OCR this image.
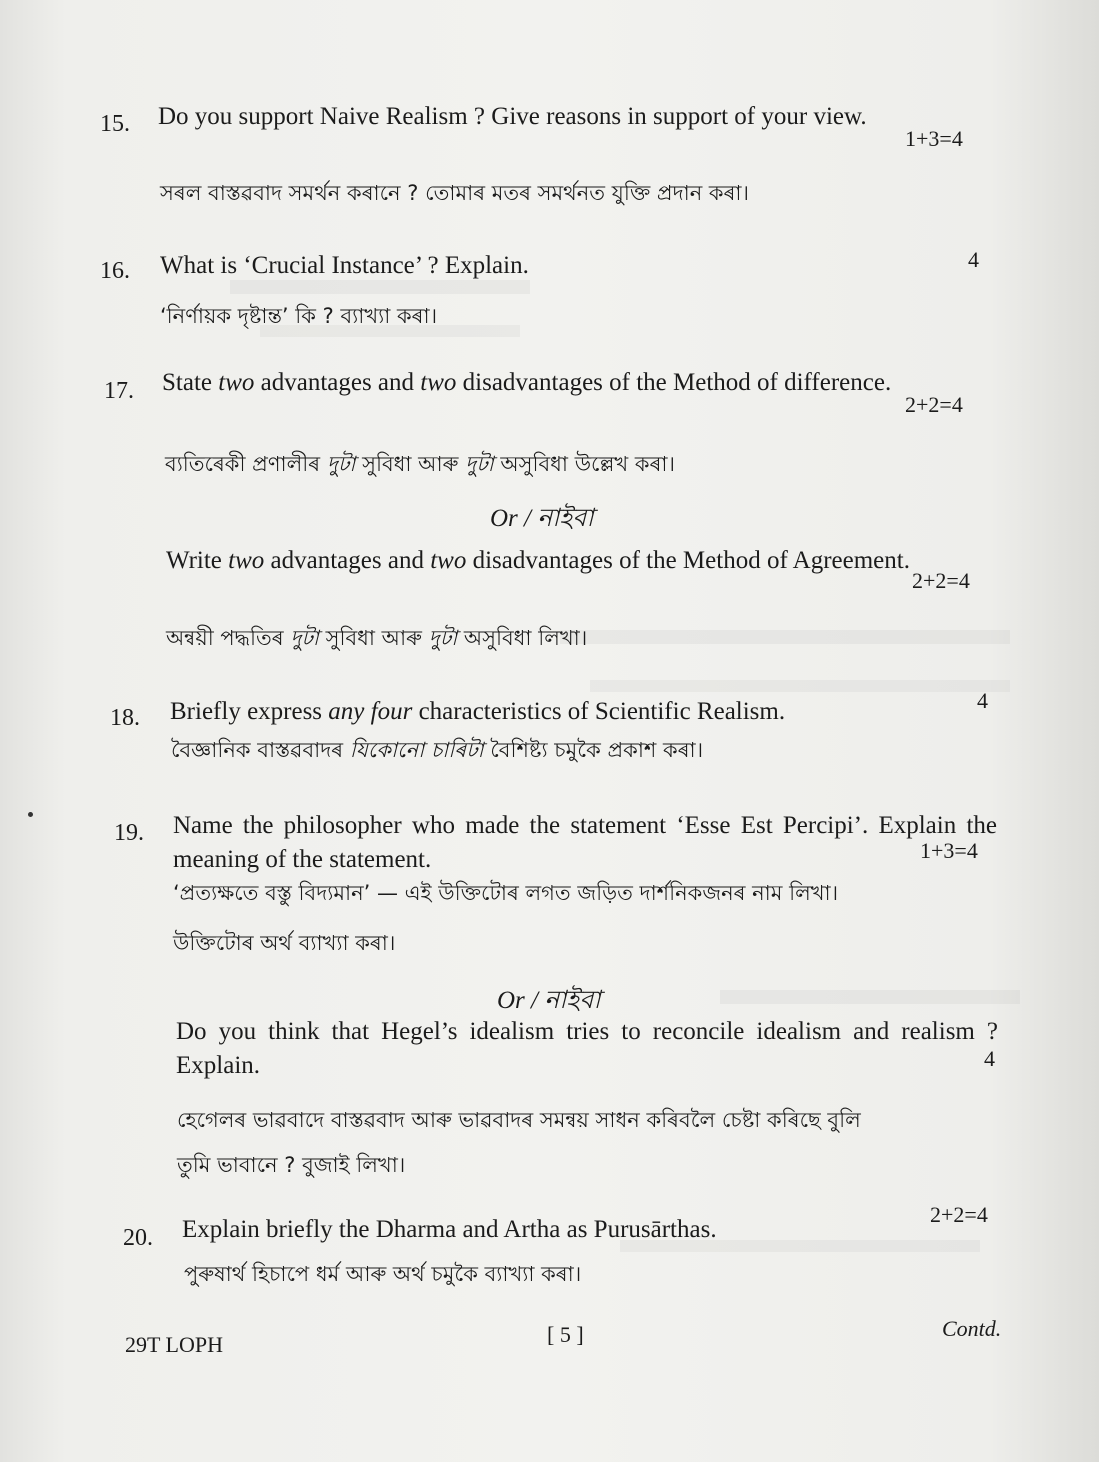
15. Do you support Naive Realism ? Give reasons in support of your view.
1+3=4
সৰল বাস্তৱবাদ সমৰ্থন কৰানে ? তোমাৰ মতৰ সমৰ্থনত যুক্তি প্ৰদান কৰা।
16. What is ‘Crucial Instance’ ? Explain.	4
‘নিৰ্ণায়ক দৃষ্টান্ত’ কি ? ব্যাখ্যা কৰা।
17. State two advantages and two disadvantages of the Method of difference.
2+2=4
ব্যতিৰেকী প্ৰণালীৰ দুটা সুবিধা আৰু দুটা অসুবিধা উল্লেখ কৰা।
Or / নাইবা
Write two advantages and two disadvantages of the Method of Agreement.
2+2=4
অন্বয়ী পদ্ধতিৰ দুটা সুবিধা আৰু দুটা অসুবিধা লিখা।
18. Briefly express any four characteristics of Scientific Realism.	4
বৈজ্ঞানিক বাস্তৱবাদৰ যিকোনো চাৰিটা বৈশিষ্ট্য চমুকৈ প্ৰকাশ কৰা।
19. Name the philosopher who made the statement ‘Esse Est Percipi’. Explain the meaning of the statement.	1+3=4
‘প্ৰত্যক্ষতে বস্তু বিদ্যমান’ — এই উক্তিটোৰ লগত জড়িত দাৰ্শনিকজনৰ নাম লিখা।
উক্তিটোৰ অৰ্থ ব্যাখ্যা কৰা।
Or / নাইবা
Do you think that Hegel’s idealism tries to reconcile idealism and realism ? Explain.	4
হেগেলৰ ভাৱবাদে বাস্তৱবাদ আৰু ভাৱবাদৰ সমন্বয় সাধন কৰিবলৈ চেষ্টা কৰিছে বুলি
তুমি ভাবানে ? বুজাই লিখা।
20. Explain briefly the Dharma and Artha as Purusārthas.
2+2=4
পুৰুষাৰ্থ হিচাপে ধৰ্ম আৰু অৰ্থ চমুকৈ ব্যাখ্যা কৰা।
29T LOPH	[ 5 ]	Contd.
